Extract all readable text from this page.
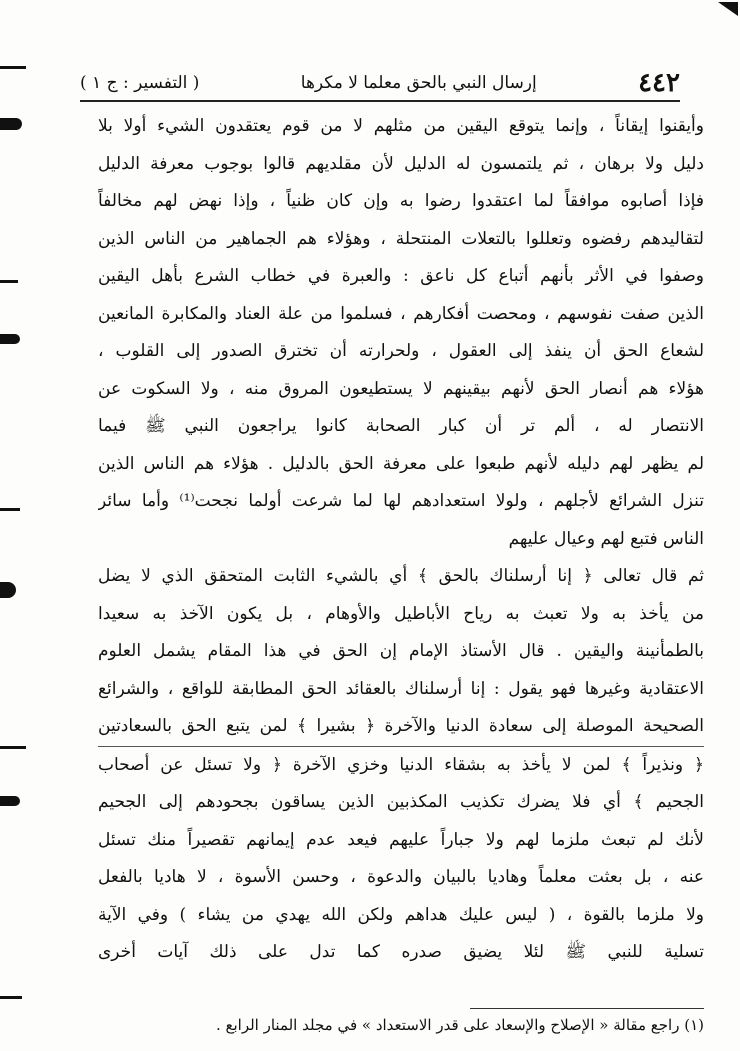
٤٤٢
إرسال النبي بالحق معلما لا مكرها
( التفسير : ج ١ )
وأيقنوا إيقاناً ، وإنما يتوقع اليقين من مثلهم لا من قوم يعتقدون الشيء أولا بلا
دليل ولا برهان ، ثم يلتمسون له الدليل لأن مقلديهم قالوا بوجوب معرفة الدليل
فإذا أصابوه موافقاً لما اعتقدوا رضوا به وإن كان ظنياً ، وإذا نهض لهم مخالفاً
لتقاليدهم رفضوه وتعللوا بالتعلات المنتحلة ، وهؤلاء هم الجماهير من الناس الذين
وصفوا في الأثر بأنهم أتباع كل ناعق : والعبرة في خطاب الشرع بأهل اليقين
الذين صفت نفوسهم ، ومحصت أفكارهم ، فسلموا من علة العناد والمكابرة المانعين
لشعاع الحق أن ينفذ إلى العقول ، ولحرارته أن تخترق الصدور إلى القلوب ،
هؤلاء هم أنصار الحق لأنهم بيقينهم لا يستطيعون المروق منه ، ولا السكوت عن
الانتصار له ، ألم تر أن كبار الصحابة كانوا يراجعون النبي ﷺ فيما
لم يظهر لهم دليله لأنهم طبعوا على معرفة الحق بالدليل . هؤلاء هم الناس الذين
تنزل الشرائع لأجلهم ، ولولا استعدادهم لها لما شرعت أولما نجحت⁽¹⁾ وأما سائر
الناس فتبع لهم وعيال عليهم
ثم قال تعالى ﴿ إنا أرسلناك بالحق ﴾ أي بالشيء الثابت المتحقق الذي لا يضل
من يأخذ به ولا تعبث به رياح الأباطيل والأوهام ، بل يكون الآخذ به سعيدا
بالطمأنينة واليقين . قال الأستاذ الإمام إن الحق في هذا المقام يشمل العلوم
الاعتقادية وغيرها فهو يقول : إنا أرسلناك بالعقائد الحق المطابقة للواقع ، والشرائع
الصحيحة الموصلة إلى سعادة الدنيا والآخرة ﴿ بشيرا ﴾ لمن يتبع الحق بالسعادتين
﴿ ونذيراً ﴾ لمن لا يأخذ به بشقاء الدنيا وخزي الآخرة ﴿ ولا تسئل عن أصحاب
الجحيم ﴾ أي فلا يضرك تكذيب المكذبين الذين يساقون بجحودهم إلى الجحيم
لأنك لم تبعث ملزما لهم ولا جباراً عليهم فيعد عدم إيمانهم تقصيراً منك تسئل
عنه ، بل بعثت معلماً وهاديا بالبيان والدعوة ، وحسن الأسوة ، لا هاديا بالفعل
ولا ملزما بالقوة ، ( ليس عليك هداهم ولكن الله يهدي من يشاء ) وفي الآية
تسلية للنبي ﷺ لئلا يضيق صدره كما تدل على ذلك آيات أخرى
(١) راجع مقالة « الإصلاح والإسعاد على قدر الاستعداد » في مجلد المنار الرابع .
